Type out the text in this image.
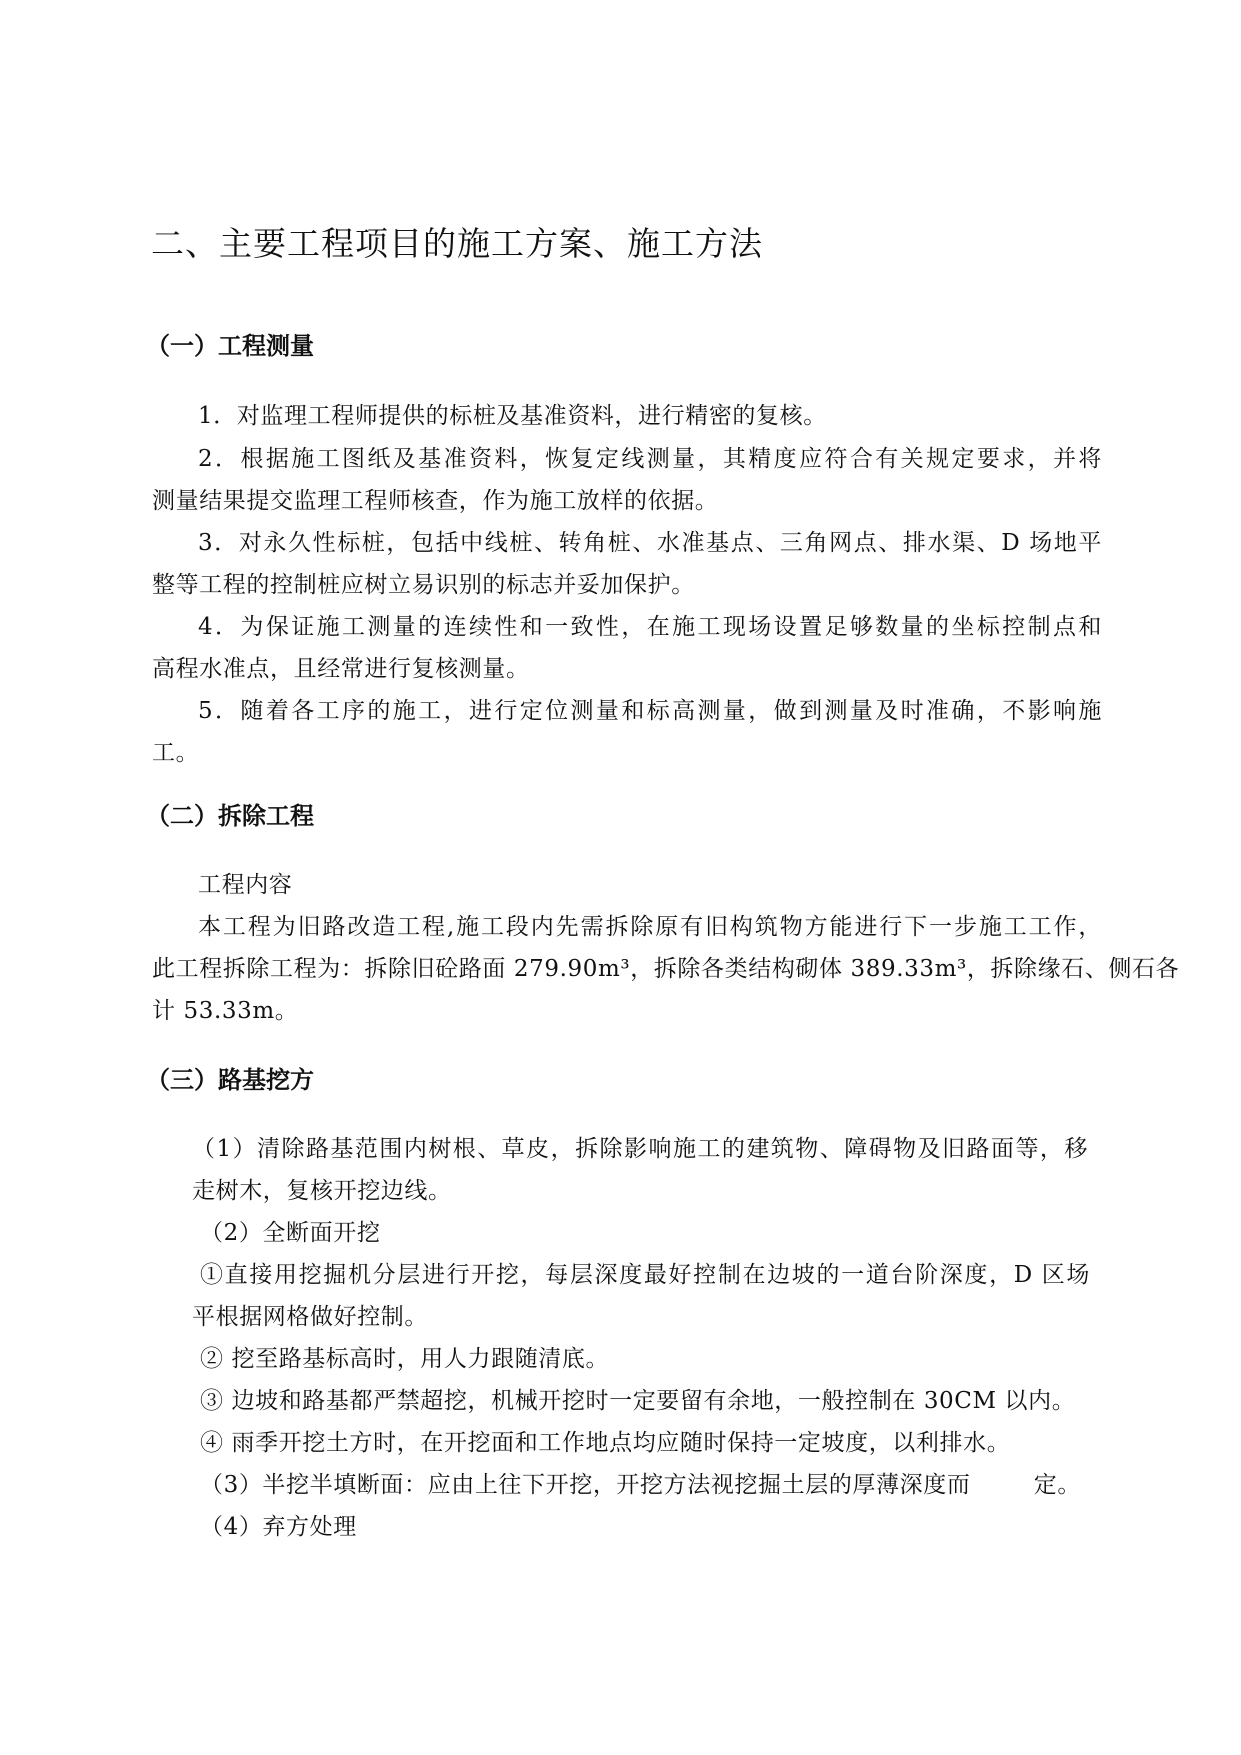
二、主要工程项目的施工方案、施工方法
（一）工程测量
1．对监理工程师提供的标桩及基准资料，进行精密的复核。
2．根据施工图纸及基准资料，恢复定线测量，其精度应符合有关规定要求，并将
测量结果提交监理工程师核查，作为施工放样的依据。
3．对永久性标桩，包括中线桩、转角桩、水准基点、三角网点、排水渠、D 场地平
整等工程的控制桩应树立易识别的标志并妥加保护。
4．为保证施工测量的连续性和一致性，在施工现场设置足够数量的坐标控制点和
高程水准点，且经常进行复核测量。
5．随着各工序的施工，进行定位测量和标高测量，做到测量及时准确，不影响施
工。
（二）拆除工程
工程内容
本工程为旧路改造工程,施工段内先需拆除原有旧构筑物方能进行下一步施工工作，
此工程拆除工程为：拆除旧砼路面 279.90m³，拆除各类结构砌体 389.33m³，拆除缘石、侧石各
计 53.33m。
（三）路基挖方
（1）清除路基范围内树根、草皮，拆除影响施工的建筑物、障碍物及旧路面等，移
走树木，复核开挖边线。
（2）全断面开挖
①直接用挖掘机分层进行开挖，每层深度最好控制在边坡的一道台阶深度，D 区场
平根据网格做好控制。
② 挖至路基标高时，用人力跟随清底。
③ 边坡和路基都严禁超挖，机械开挖时一定要留有余地，一般控制在 30CM 以内。
④ 雨季开挖土方时，在开挖面和工作地点均应随时保持一定坡度，以利排水。
（3）半挖半填断面：应由上往下开挖，开挖方法视挖掘土层的厚薄深度而        定。
（4）弃方处理
